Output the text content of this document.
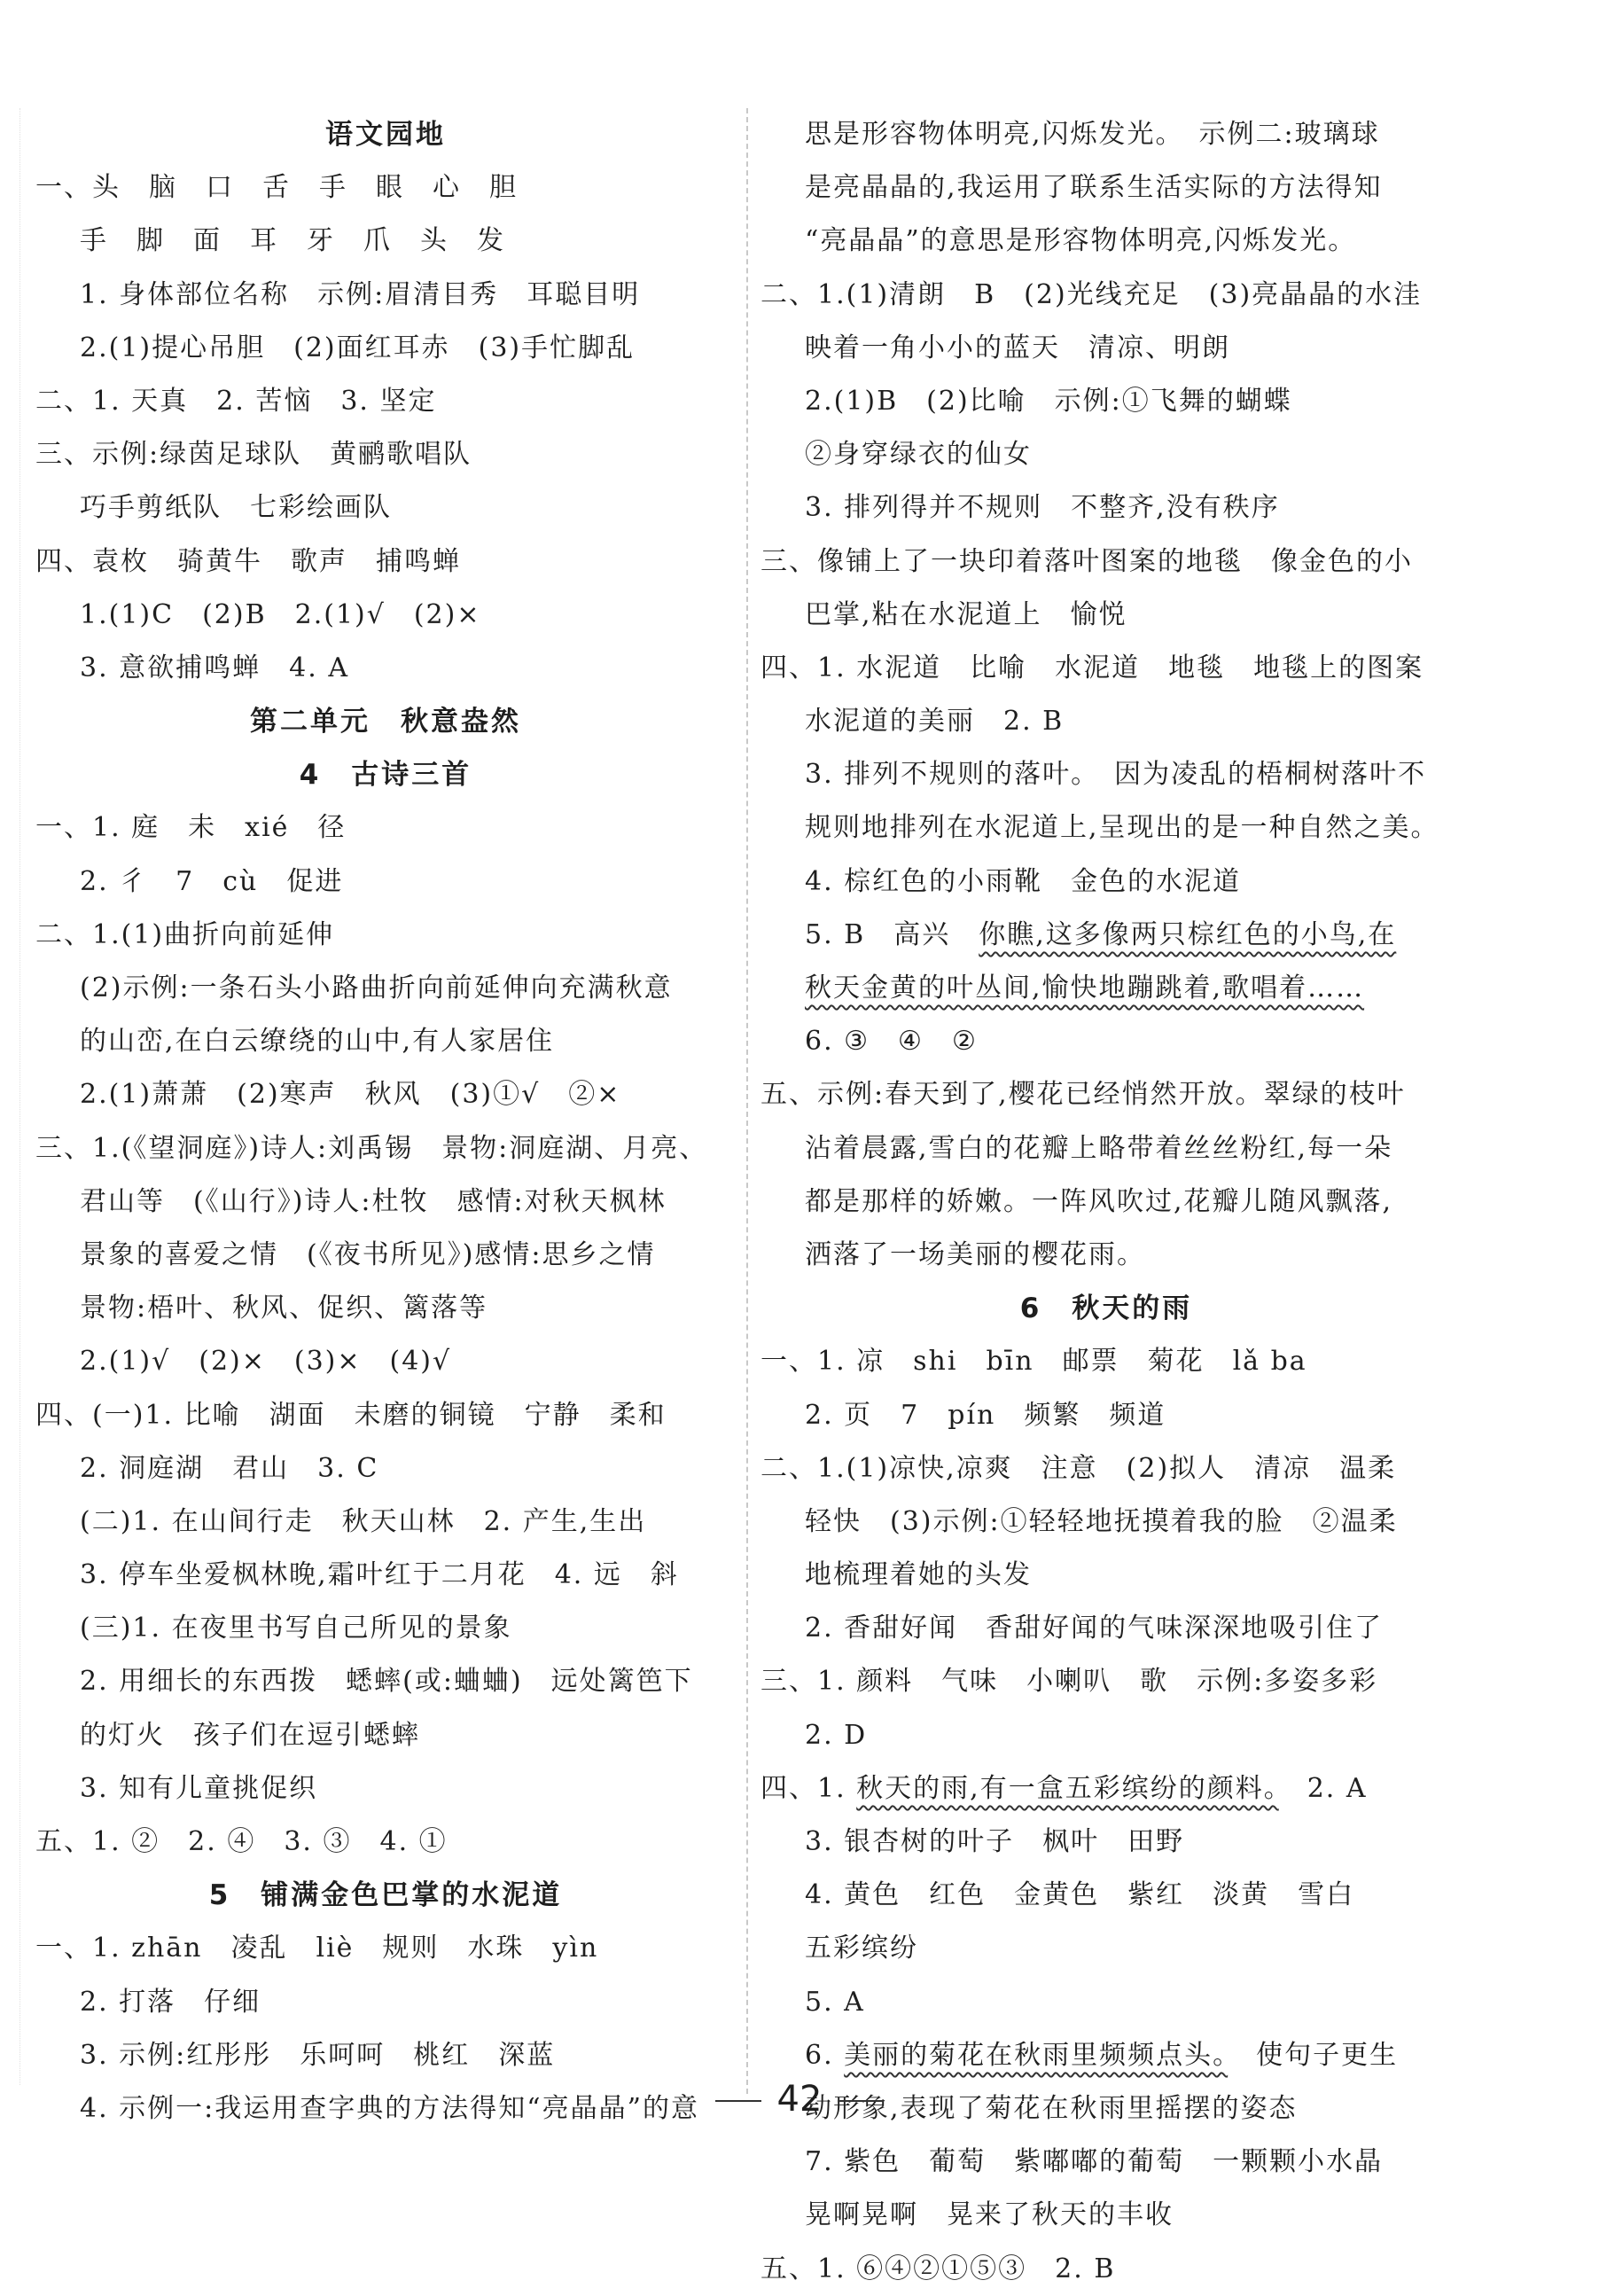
语文园地
一、头　脑　口　舌　手　眼　心　胆
手　脚　面　耳　牙　爪　头　发
1. 身体部位名称　示例:眉清目秀　耳聪目明
2.(1)提心吊胆　(2)面红耳赤　(3)手忙脚乱
二、1. 天真　2. 苦恼　3. 坚定
三、示例:绿茵足球队　黄鹂歌唱队
巧手剪纸队　七彩绘画队
四、袁枚　骑黄牛　歌声　捕鸣蝉
1.(1)C　(2)B　2.(1)√　(2)×
3. 意欲捕鸣蝉　4. A
第二单元　秋意盎然
4　古诗三首
一、1. 庭　未　xié　径
2. 彳　7　cù　促进
二、1.(1)曲折向前延伸
(2)示例:一条石头小路曲折向前延伸向充满秋意
的山峦,在白云缭绕的山中,有人家居住
2.(1)萧萧　(2)寒声　秋风　(3)①√　②×
三、1.(《望洞庭》)诗人:刘禹锡　景物:洞庭湖、月亮、
君山等　(《山行》)诗人:杜牧　感情:对秋天枫林
景象的喜爱之情　(《夜书所见》)感情:思乡之情
景物:梧叶、秋风、促织、篱落等
2.(1)√　(2)×　(3)×　(4)√
四、(一)1. 比喻　湖面　未磨的铜镜　宁静　柔和
2. 洞庭湖　君山　3. C
(二)1. 在山间行走　秋天山林　2. 产生,生出
3. 停车坐爱枫林晚,霜叶红于二月花　4. 远　斜
(三)1. 在夜里书写自己所见的景象
2. 用细长的东西拨　蟋蟀(或:蛐蛐)　远处篱笆下
的灯火　孩子们在逗引蟋蟀
3. 知有儿童挑促织
五、1. ②　2. ④　3. ③　4. ①
5　铺满金色巴掌的水泥道
一、1. zhān　凌乱　liè　规则　水珠　yìn
2. 打落　仔细
3. 示例:红彤彤　乐呵呵　桃红　深蓝
4. 示例一:我运用查字典的方法得知“亮晶晶”的意
思是形容物体明亮,闪烁发光。　示例二:玻璃球
是亮晶晶的,我运用了联系生活实际的方法得知
“亮晶晶”的意思是形容物体明亮,闪烁发光。
二、1.(1)清朗　B　(2)光线充足　(3)亮晶晶的水洼
映着一角小小的蓝天　清凉、明朗
2.(1)B　(2)比喻　示例:①飞舞的蝴蝶
②身穿绿衣的仙女
3. 排列得并不规则　不整齐,没有秩序
三、像铺上了一块印着落叶图案的地毯　像金色的小
巴掌,粘在水泥道上　愉悦
四、1. 水泥道　比喻　水泥道　地毯　地毯上的图案
水泥道的美丽　2. B
3. 排列不规则的落叶。　因为凌乱的梧桐树落叶不
规则地排列在水泥道上,呈现出的是一种自然之美。
4. 棕红色的小雨靴　金色的水泥道
5. B　高兴　你瞧,这多像两只棕红色的小鸟,在
秋天金黄的叶丛间,愉快地蹦跳着,歌唱着……
6. ③　④　②
五、示例:春天到了,樱花已经悄然开放。翠绿的枝叶
沾着晨露,雪白的花瓣上略带着丝丝粉红,每一朵
都是那样的娇嫩。一阵风吹过,花瓣儿随风飘落,
洒落了一场美丽的樱花雨。
6　秋天的雨
一、1. 凉　shi　bīn　邮票　菊花　lǎ ba
2. 页　7　pín　频繁　频道
二、1.(1)凉快,凉爽　注意　(2)拟人　清凉　温柔
轻快　(3)示例:①轻轻地抚摸着我的脸　②温柔
地梳理着她的头发
2. 香甜好闻　香甜好闻的气味深深地吸引住了
三、1. 颜料　气味　小喇叭　歌　示例:多姿多彩
2. D
四、1. 秋天的雨,有一盒五彩缤纷的颜料。　2. A
3. 银杏树的叶子　枫叶　田野
4. 黄色　红色　金黄色　紫红　淡黄　雪白
五彩缤纷
5. A
6. 美丽的菊花在秋雨里频频点头。　使句子更生
动形象,表现了菊花在秋雨里摇摆的姿态
7. 紫色　葡萄　紫嘟嘟的葡萄　一颗颗小水晶
晃啊晃啊　晃来了秋天的丰收
五、1. ⑥④②①⑤③　2. B
42
